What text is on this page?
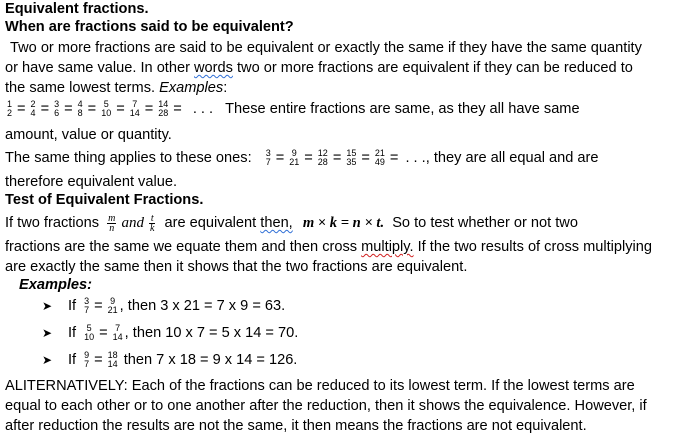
Equivalent fractions.
When are fractions said to be equivalent?
Two or more fractions are said to be equivalent or exactly the same if they have the same quantity
or have same value. In other words two or more fractions are equivalent if they can be reduced to
the same lowest terms. Examples:
1
2 = 2
4 = 3
6 = 4
8 = 5
10 = 7
14 = 14
28 = . . . These entire fractions are same, as they all have same
amount, value or quantity.
The same thing applies to these ones: 3
7 = 9
21 = 12
28 = 15
35 = 21
49 = . . ., they are all equal and are
therefore equivalent value.
Test of Equivalent Fractions.
If two fractions $\frac{m}{n}$ and $\frac{t}{k}$ are equivalent then, m × k = n × t. So to test whether or not two
fractions are the same we equate them and then cross multiply. If the two results of cross multiplying
are exactly the same then it shows that the two fractions are equivalent.
Examples:
➤ If 3
7 = 9
21 , then 3 x 21 = 7 x 9 = 63.
➤ If	5
10 = 7
14 , then 10 x 7 = 5 x 14 = 70.
➤ If 9
7 = 18
14 then 7 x 18 = 9 x 14 = 126.
ALITERNATIVELY: Each of the fractions can be reduced to its lowest term. If the lowest terms are
equal to each other or to one another after the reduction, then it shows the equivalence. However, if
after reduction the results are not the same, it then means the fractions are not equivalent.
